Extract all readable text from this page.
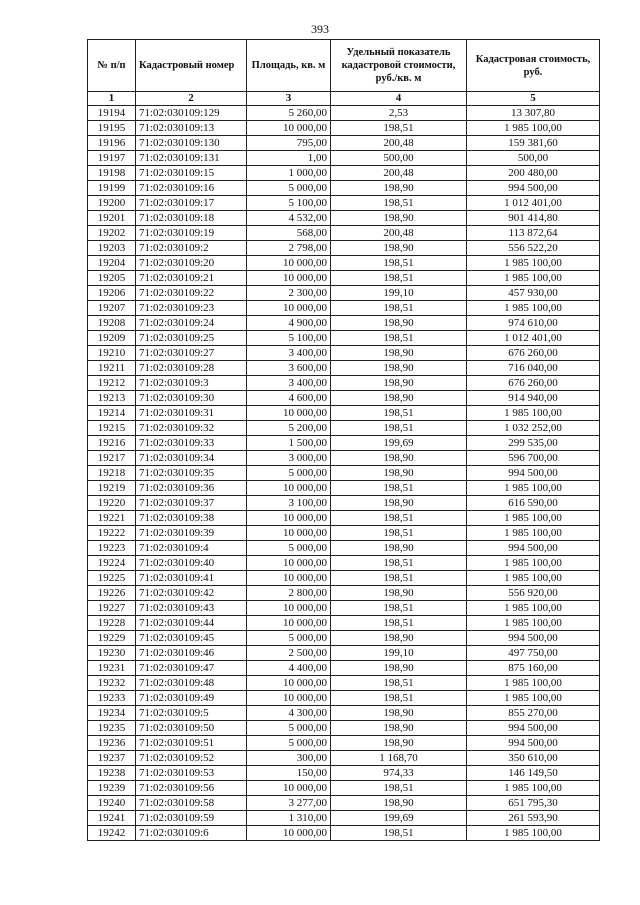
393
№ п/п	Кадастровый номер	Площадь, кв. м	Удельный показатель кадастровой стоимости, руб./кв. м	Кадастровая стоимость, руб.
1	2	3	4	5
19194	71:02:030109:129	5 260,00	2,53	13 307,80
19195	71:02:030109:13	10 000,00	198,51	1 985 100,00
19196	71:02:030109:130	795,00	200,48	159 381,60
19197	71:02:030109:131	1,00	500,00	500,00
19198	71:02:030109:15	1 000,00	200,48	200 480,00
19199	71:02:030109:16	5 000,00	198,90	994 500,00
19200	71:02:030109:17	5 100,00	198,51	1 012 401,00
19201	71:02:030109:18	4 532,00	198,90	901 414,80
19202	71:02:030109:19	568,00	200,48	113 872,64
19203	71:02:030109:2	2 798,00	198,90	556 522,20
19204	71:02:030109:20	10 000,00	198,51	1 985 100,00
19205	71:02:030109:21	10 000,00	198,51	1 985 100,00
19206	71:02:030109:22	2 300,00	199,10	457 930,00
19207	71:02:030109:23	10 000,00	198,51	1 985 100,00
19208	71:02:030109:24	4 900,00	198,90	974 610,00
19209	71:02:030109:25	5 100,00	198,51	1 012 401,00
19210	71:02:030109:27	3 400,00	198,90	676 260,00
19211	71:02:030109:28	3 600,00	198,90	716 040,00
19212	71:02:030109:3	3 400,00	198,90	676 260,00
19213	71:02:030109:30	4 600,00	198,90	914 940,00
19214	71:02:030109:31	10 000,00	198,51	1 985 100,00
19215	71:02:030109:32	5 200,00	198,51	1 032 252,00
19216	71:02:030109:33	1 500,00	199,69	299 535,00
19217	71:02:030109:34	3 000,00	198,90	596 700,00
19218	71:02:030109:35	5 000,00	198,90	994 500,00
19219	71:02:030109:36	10 000,00	198,51	1 985 100,00
19220	71:02:030109:37	3 100,00	198,90	616 590,00
19221	71:02:030109:38	10 000,00	198,51	1 985 100,00
19222	71:02:030109:39	10 000,00	198,51	1 985 100,00
19223	71:02:030109:4	5 000,00	198,90	994 500,00
19224	71:02:030109:40	10 000,00	198,51	1 985 100,00
19225	71:02:030109:41	10 000,00	198,51	1 985 100,00
19226	71:02:030109:42	2 800,00	198,90	556 920,00
19227	71:02:030109:43	10 000,00	198,51	1 985 100,00
19228	71:02:030109:44	10 000,00	198,51	1 985 100,00
19229	71:02:030109:45	5 000,00	198,90	994 500,00
19230	71:02:030109:46	2 500,00	199,10	497 750,00
19231	71:02:030109:47	4 400,00	198,90	875 160,00
19232	71:02:030109:48	10 000,00	198,51	1 985 100,00
19233	71:02:030109:49	10 000,00	198,51	1 985 100,00
19234	71:02:030109:5	4 300,00	198,90	855 270,00
19235	71:02:030109:50	5 000,00	198,90	994 500,00
19236	71:02:030109:51	5 000,00	198,90	994 500,00
19237	71:02:030109:52	300,00	1 168,70	350 610,00
19238	71:02:030109:53	150,00	974,33	146 149,50
19239	71:02:030109:56	10 000,00	198,51	1 985 100,00
19240	71:02:030109:58	3 277,00	198,90	651 795,30
19241	71:02:030109:59	1 310,00	199,69	261 593,90
19242	71:02:030109:6	10 000,00	198,51	1 985 100,00
